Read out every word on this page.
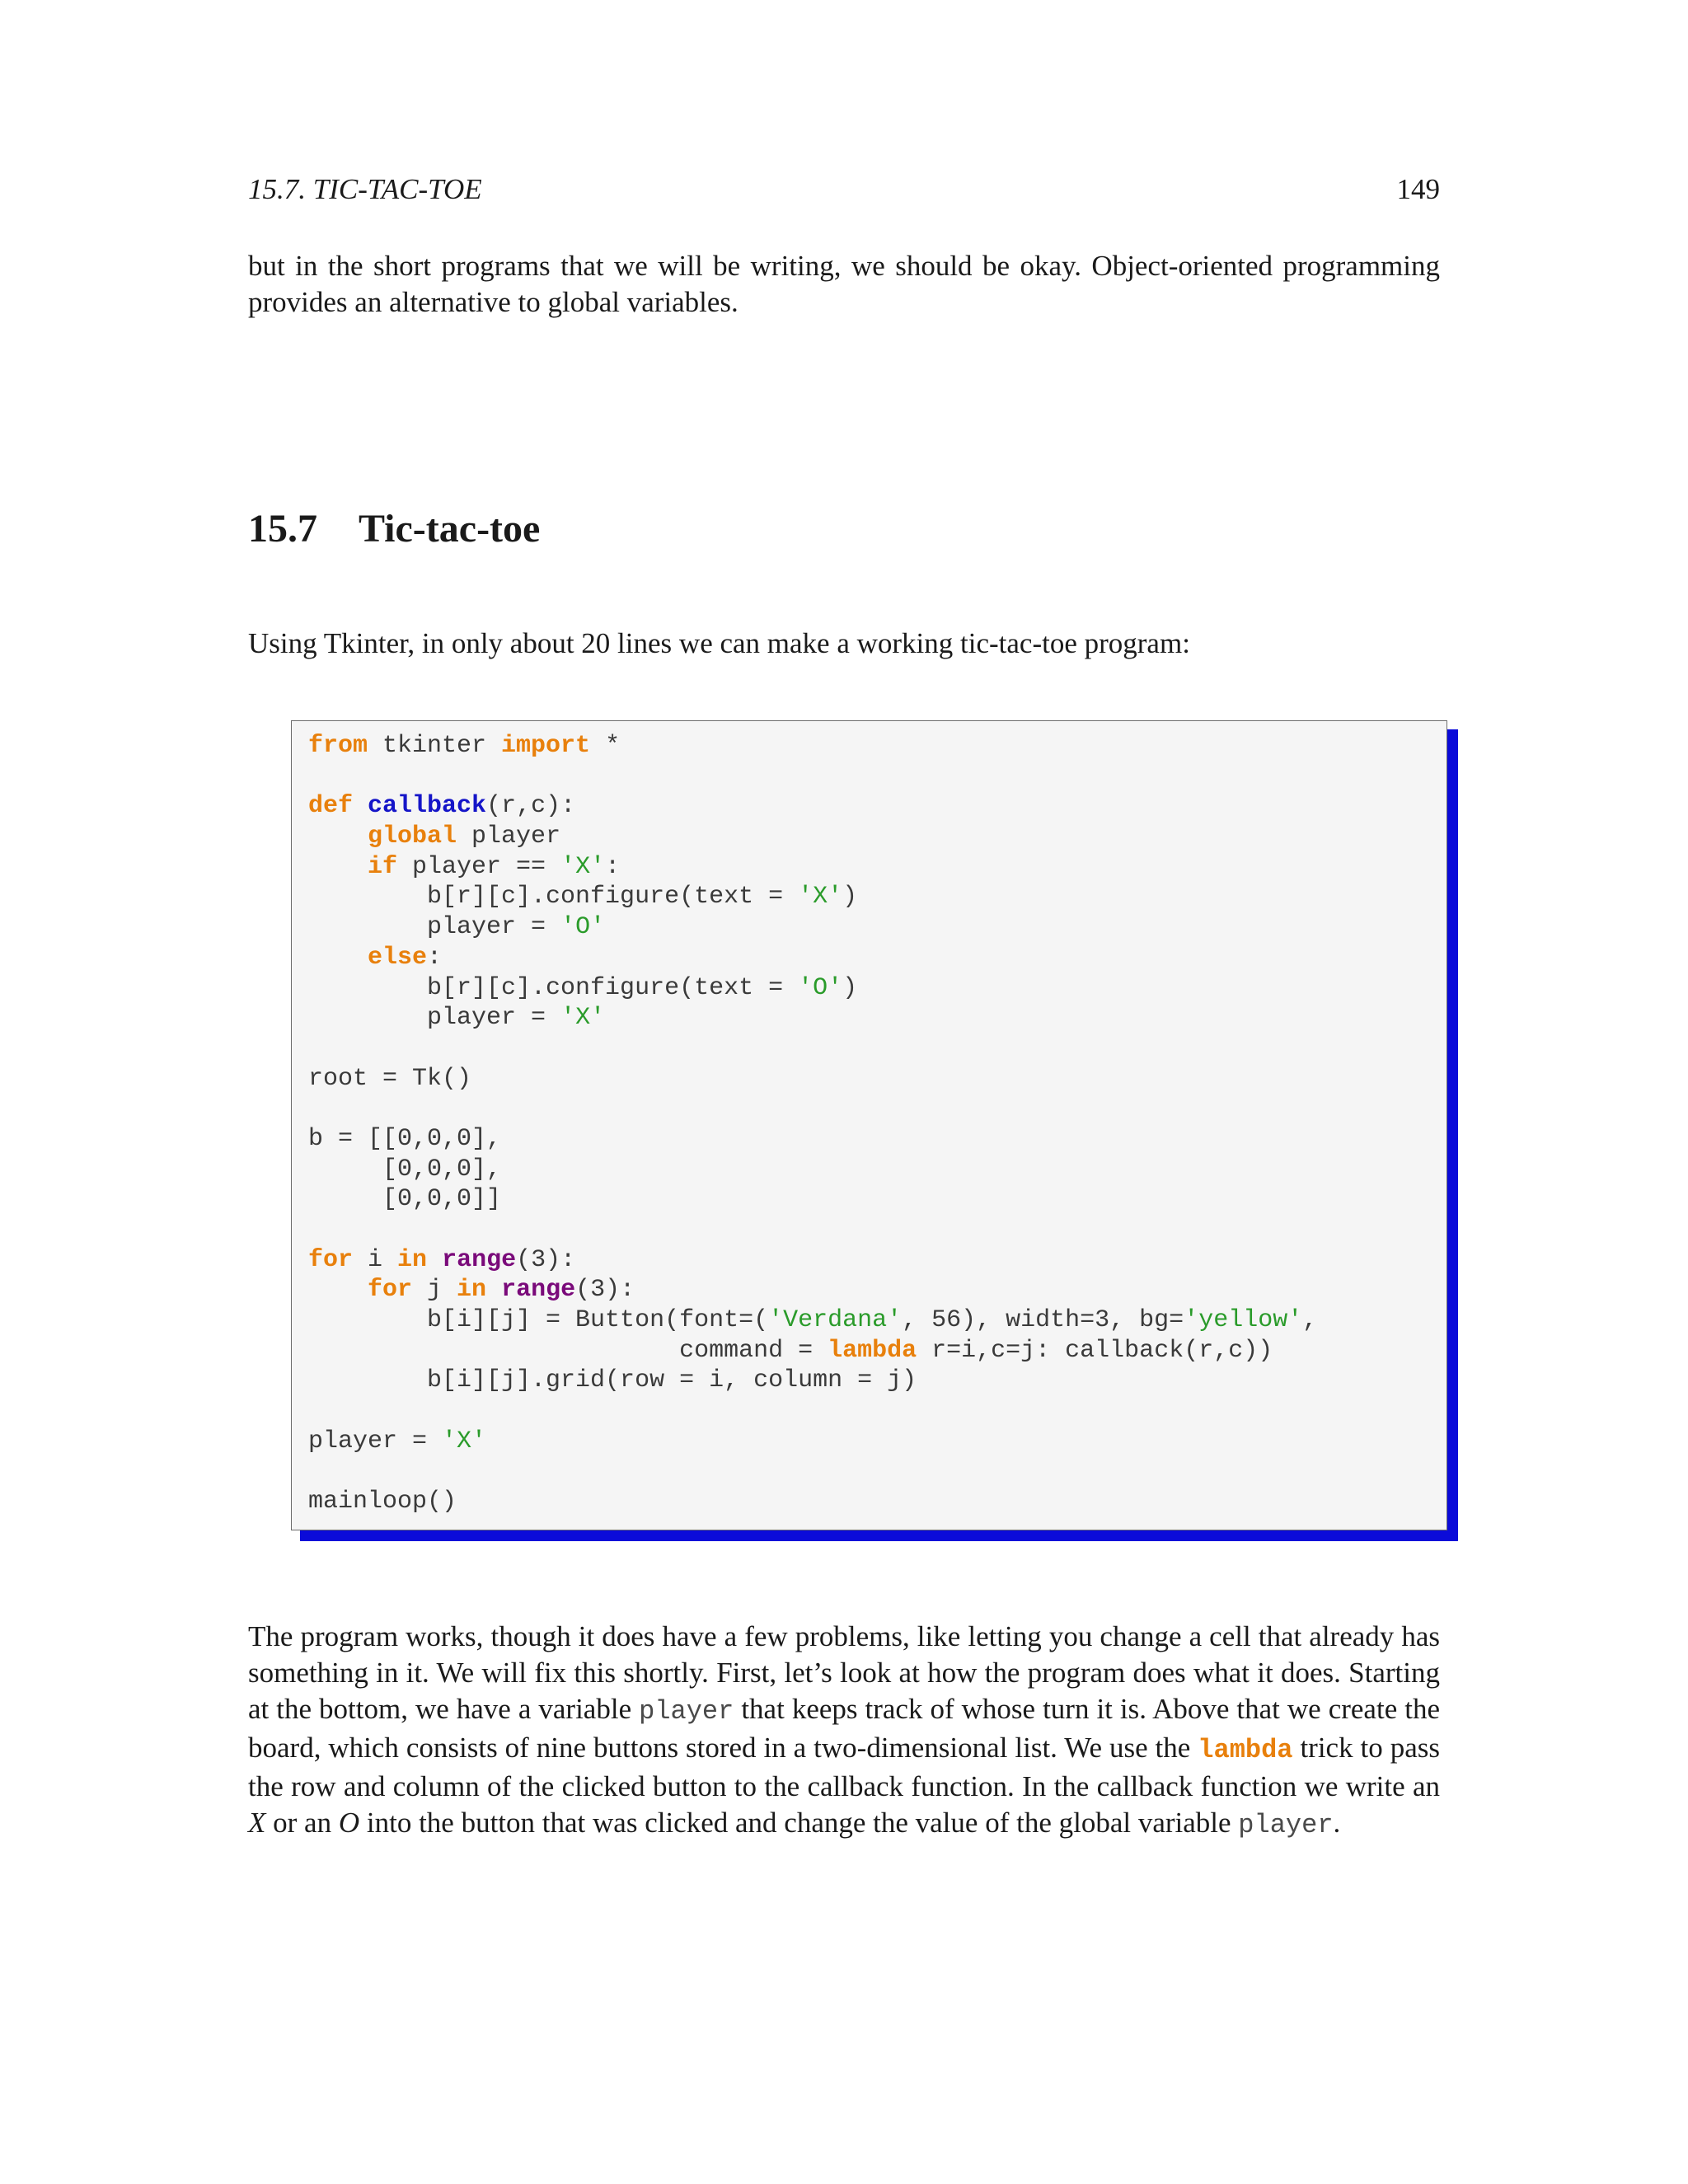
15.7. TIC-TAC-TOE	149

but in the short programs that we will be writing, we should be okay. Object-oriented programming provides an alternative to global variables.

15.7 Tic-tac-toe

Using Tkinter, in only about 20 lines we can make a working tic-tac-toe program:

from tkinter import *

def callback(r,c):
global player
if player == 'X':
b[r][c].configure(text = 'X')
player = 'O'
else:
b[r][c].configure(text = 'O')
player = 'X'

root = Tk()

b = [[0,0,0],
[0,0,0],
[0,0,0]]

for i in range(3):
for j in range(3):
b[i][j] = Button(font=('Verdana', 56), width=3, bg='yellow',
command = lambda r=i,c=j: callback(r,c))
b[i][j].grid(row = i, column = j)

player = 'X'

mainloop()

The program works, though it does have a few problems, like letting you change a cell that already has something in it. We will fix this shortly. First, let’s look at how the program does what it does. Starting at the bottom, we have a variable player that keeps track of whose turn it is. Above that we create the board, which consists of nine buttons stored in a two-dimensional list. We use the lambda trick to pass the row and column of the clicked button to the callback function. In the callback function we write an X or an O into the button that was clicked and change the value of the global variable player.
